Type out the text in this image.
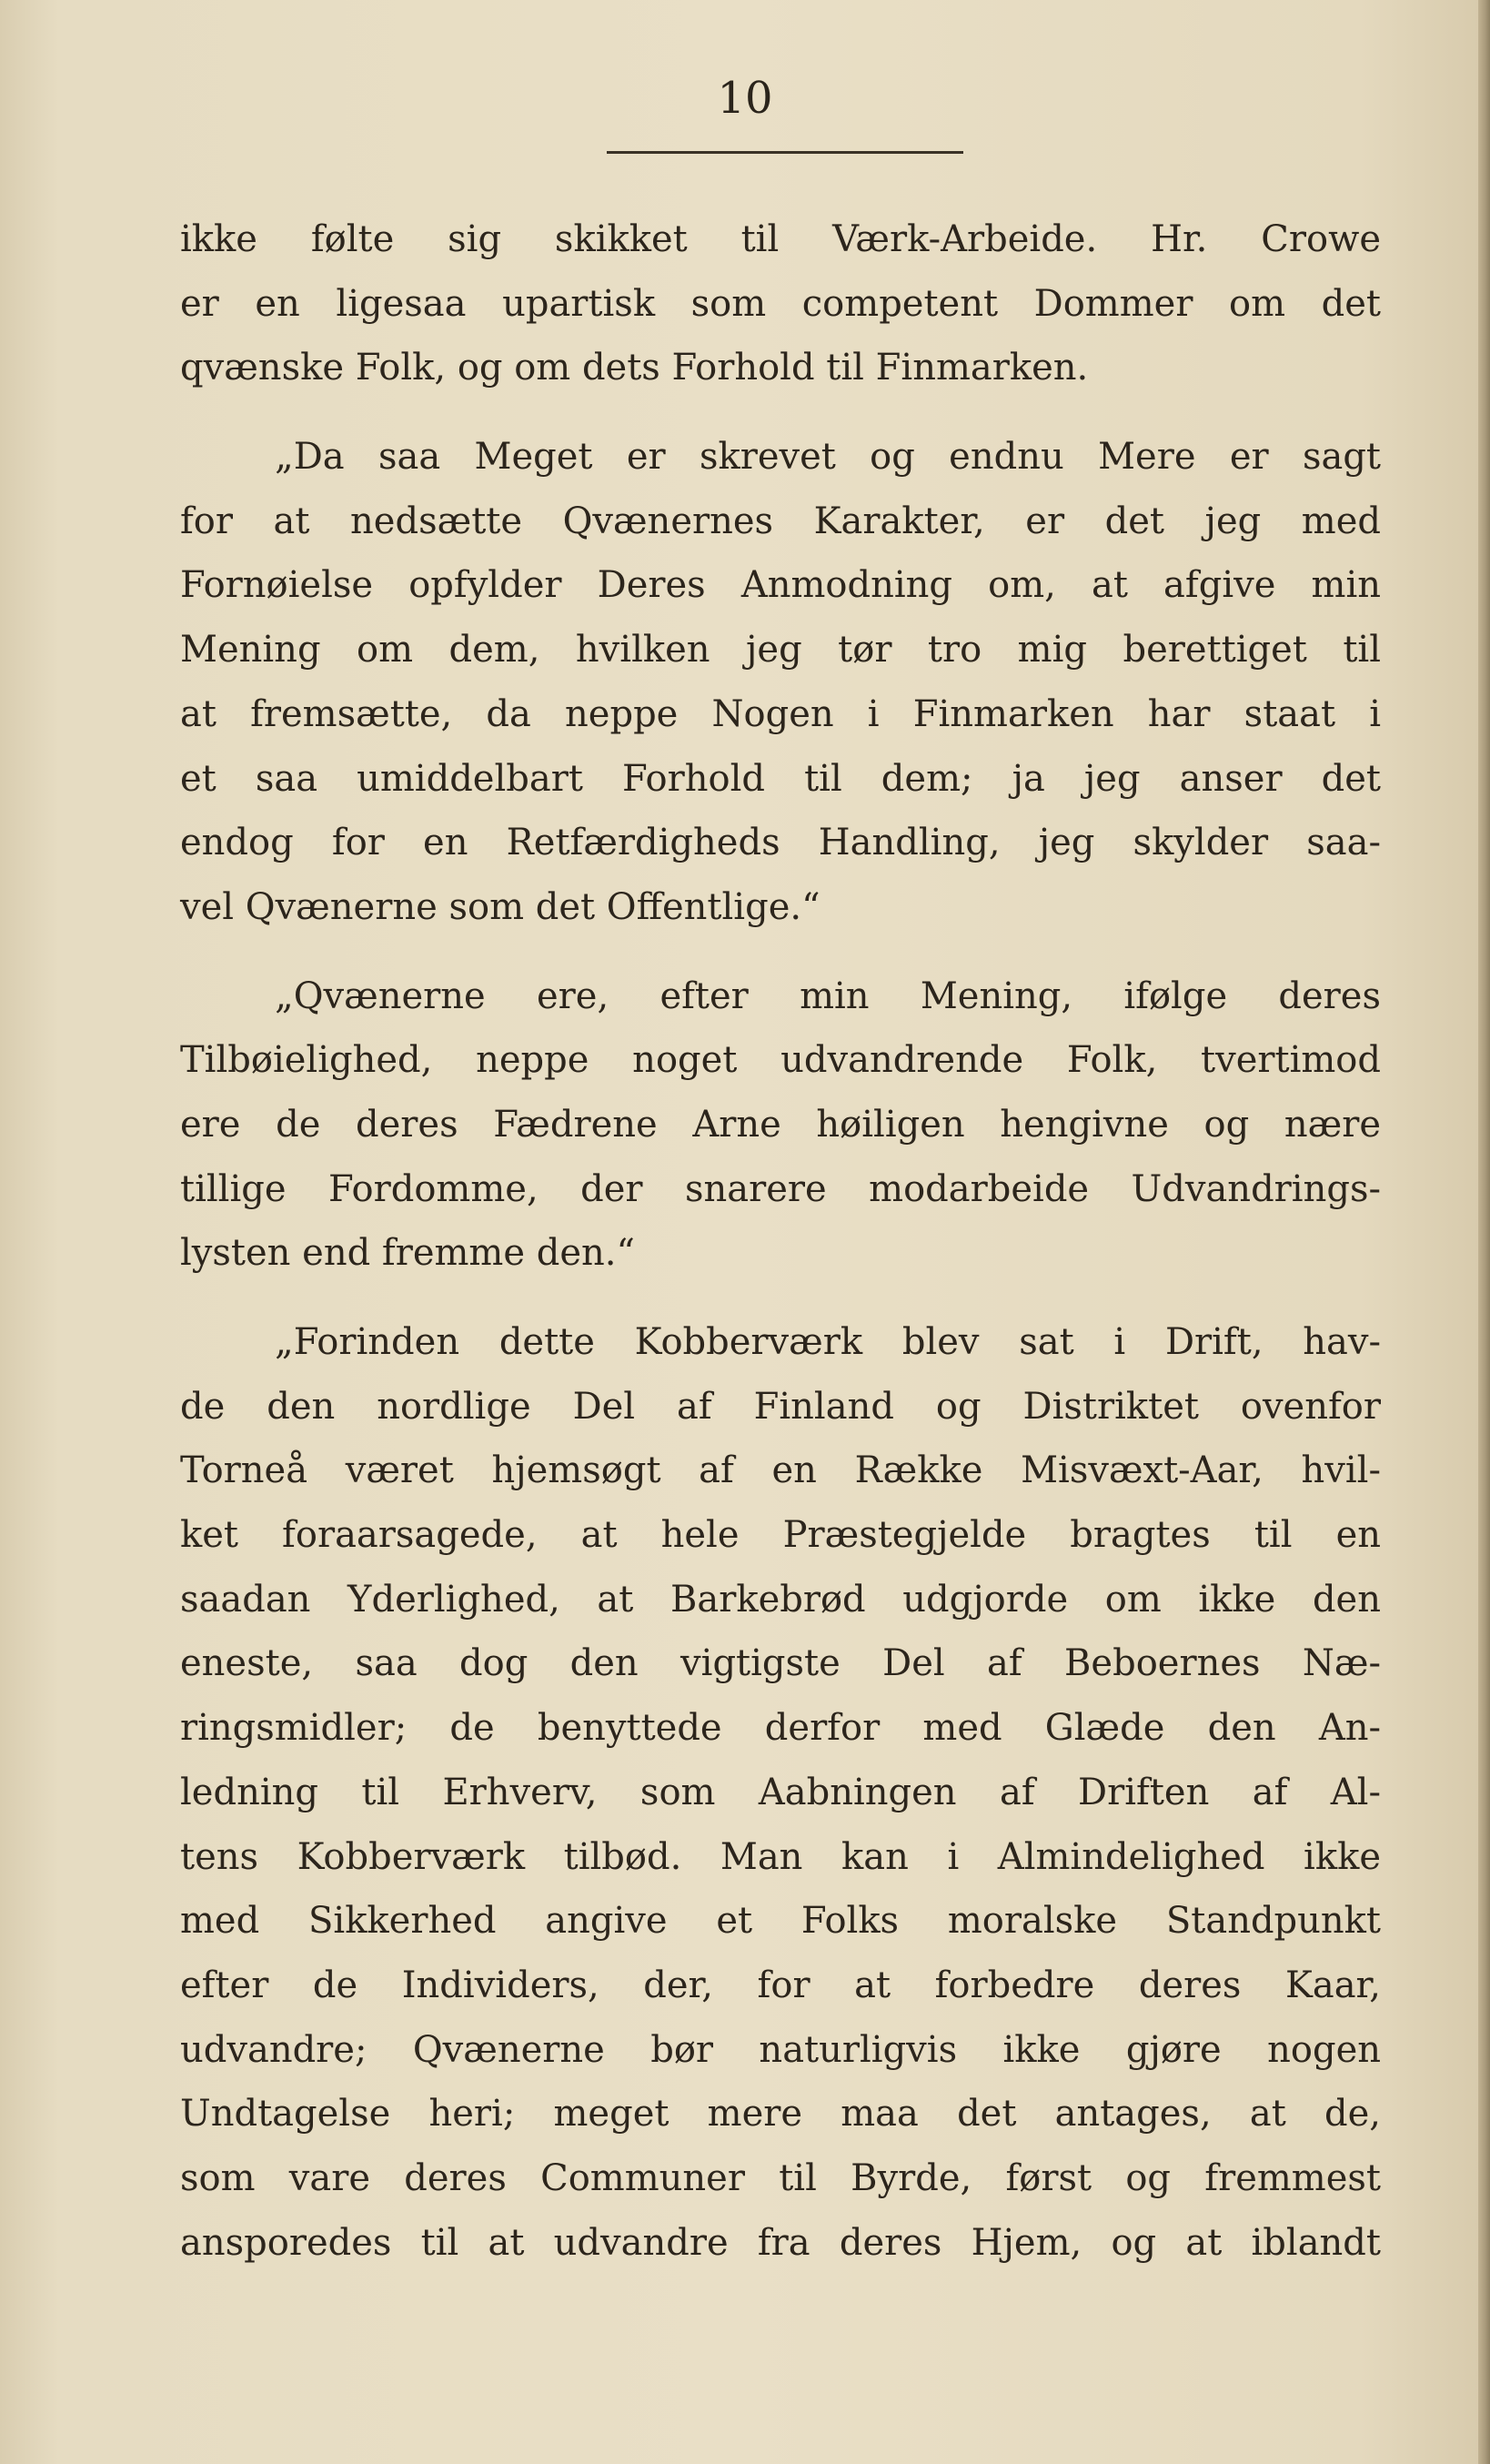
10
ikke følte sig skikket til Værk-Arbeide. Hr. Crowe
er en ligesaa upartisk som competent Dommer om det
qvænske Folk, og om dets Forhold til Finmarken.
„Da saa Meget er skrevet og endnu Mere er sagt
for at nedsætte Qvænernes Karakter, er det jeg med
Fornøielse opfylder Deres Anmodning om, at afgive min
Mening om dem, hvilken jeg tør tro mig berettiget til
at fremsætte, da neppe Nogen i Finmarken har staat i
et saa umiddelbart Forhold til dem; ja jeg anser det
endog for en Retfærdigheds Handling, jeg skylder saa-
vel Qvænerne som det Offentlige.“
„Qvænerne ere, efter min Mening, ifølge deres
Tilbøielighed, neppe noget udvandrende Folk, tvertimod
ere de deres Fædrene Arne høiligen hengivne og nære
tillige Fordomme, der snarere modarbeide Udvandrings-
lysten end fremme den.“
„Forinden dette Kobberværk blev sat i Drift, hav-
de den nordlige Del af Finland og Distriktet ovenfor
Torneå været hjemsøgt af en Række Misvæxt-Aar, hvil-
ket foraarsagede, at hele Præstegjelde bragtes til en
saadan Yderlighed, at Barkebrød udgjorde om ikke den
eneste, saa dog den vigtigste Del af Beboernes Næ-
ringsmidler; de benyttede derfor med Glæde den An-
ledning til Erhverv, som Aabningen af Driften af Al-
tens Kobberværk tilbød. Man kan i Almindelighed ikke
med Sikkerhed angive et Folks moralske Standpunkt
efter de Individers, der, for at forbedre deres Kaar,
udvandre; Qvænerne bør naturligvis ikke gjøre nogen
Undtagelse heri; meget mere maa det antages, at de,
som vare deres Communer til Byrde, først og fremmest
ansporedes til at udvandre fra deres Hjem, og at iblandt
